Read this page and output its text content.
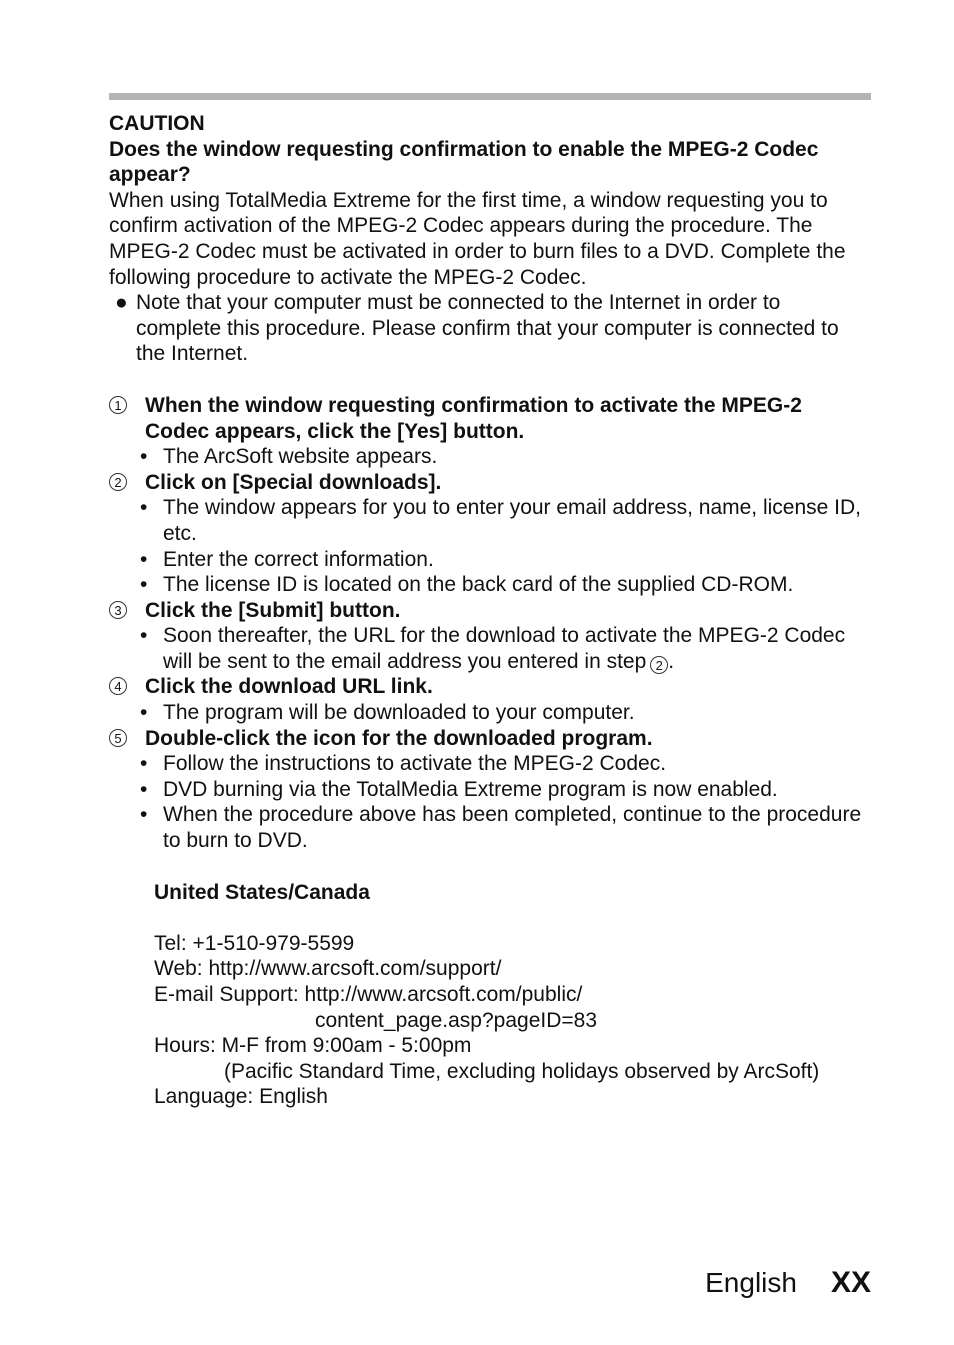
CAUTION

Does the window requesting confirmation to enable the MPEG-2 Codec appear?

When using TotalMedia Extreme for the first time, a window requesting you to confirm activation of the MPEG-2 Codec appears during the procedure. The MPEG-2 Codec must be activated in order to burn files to a DVD. Complete the following procedure to activate the MPEG-2 Codec.

● Note that your computer must be connected to the Internet in order to complete this procedure. Please confirm that your computer is connected to the Internet.
1 When the window requesting confirmation to activate the MPEG-2 Codec appears, click the [Yes] button.
• The ArcSoft website appears.
2 Click on [Special downloads].
• The window appears for you to enter your email address, name, license ID, etc.
• Enter the correct information.
• The license ID is located on the back card of the supplied CD-ROM.
3 Click the [Submit] button.
• Soon thereafter, the URL for the download to activate the MPEG-2 Codec will be sent to the email address you entered in step 2 .
4 Click the download URL link.
• The program will be downloaded to your computer.
5 Double-click the icon for the downloaded program.
• Follow the instructions to activate the MPEG-2 Codec.
• DVD burning via the TotalMedia Extreme program is now enabled.
• When the procedure above has been completed, continue to the procedure to burn to DVD.

United States/Canada

Tel: +1-510-979-5599

Web: http://www.arcsoft.com/support/

E-mail Support: http://www.arcsoft.com/public/

content_page.asp?pageID=83

Hours: M-F from 9:00am - 5:00pm

(Pacific Standard Time, excluding holidays observed by ArcSoft)

Language: English

English XX
